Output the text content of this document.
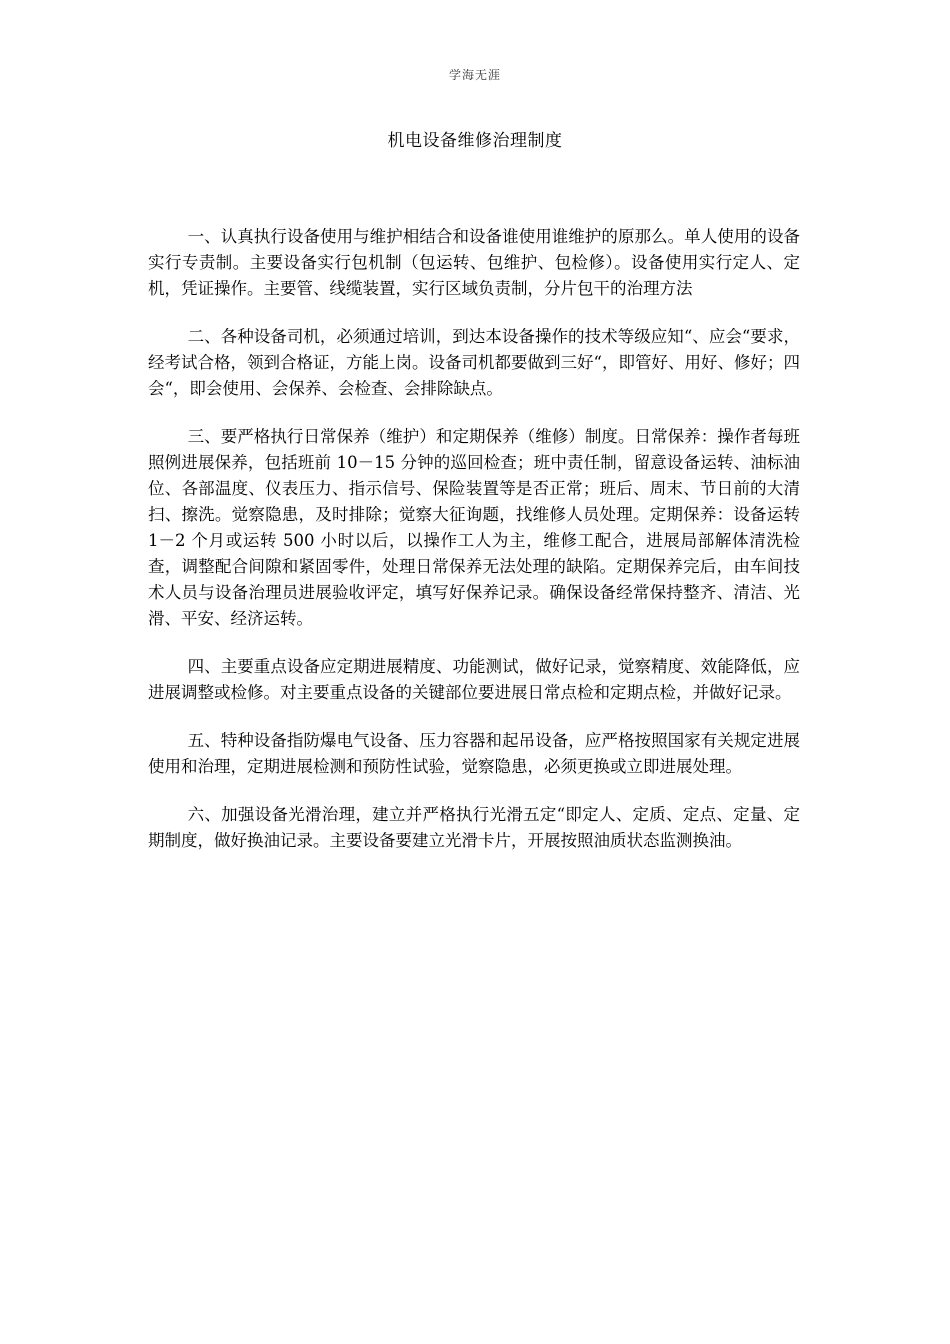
学海无涯
机电设备维修治理制度

一、认真执行设备使用与维护相结合和设备谁使用谁维护的原那么。单人使用的设备实行专责制。主要设备实行包机制（包运转、包维护、包检修）。设备使用实行定人、定机，凭证操作。主要管、线缆装置，实行区域负责制，分片包干的治理方法

二、各种设备司机，必须通过培训，到达本设备操作的技术等级应知“、应会“要求，经考试合格，领到合格证，方能上岗。设备司机都要做到三好“，即管好、用好、修好；四会“，即会使用、会保养、会检查、会排除缺点。

三、要严格执行日常保养（维护）和定期保养（维修）制度。日常保养：操作者每班照例进展保养，包括班前 10－15 分钟的巡回检查；班中责任制，留意设备运转、油标油位、各部温度、仪表压力、指示信号、保险装置等是否正常；班后、周末、节日前的大清扫、擦洗。觉察隐患，及时排除；觉察大征询题，找维修人员处理。定期保养：设备运转 1－2 个月或运转 500 小时以后，以操作工人为主，维修工配合，进展局部解体清洗检查，调整配合间隙和紧固零件，处理日常保养无法处理的缺陷。定期保养完后，由车间技术人员与设备治理员进展验收评定，填写好保养记录。确保设备经常保持整齐、清洁、光滑、平安、经济运转。

四、主要重点设备应定期进展精度、功能测试，做好记录，觉察精度、效能降低，应进展调整或检修。对主要重点设备的关键部位要进展日常点检和定期点检，并做好记录。

五、特种设备指防爆电气设备、压力容器和起吊设备，应严格按照国家有关规定进展使用和治理，定期进展检测和预防性试验，觉察隐患，必须更换或立即进展处理。

六、加强设备光滑治理，建立并严格执行光滑五定“即定人、定质、定点、定量、定期制度，做好换油记录。主要设备要建立光滑卡片，开展按照油质状态监测换油。
